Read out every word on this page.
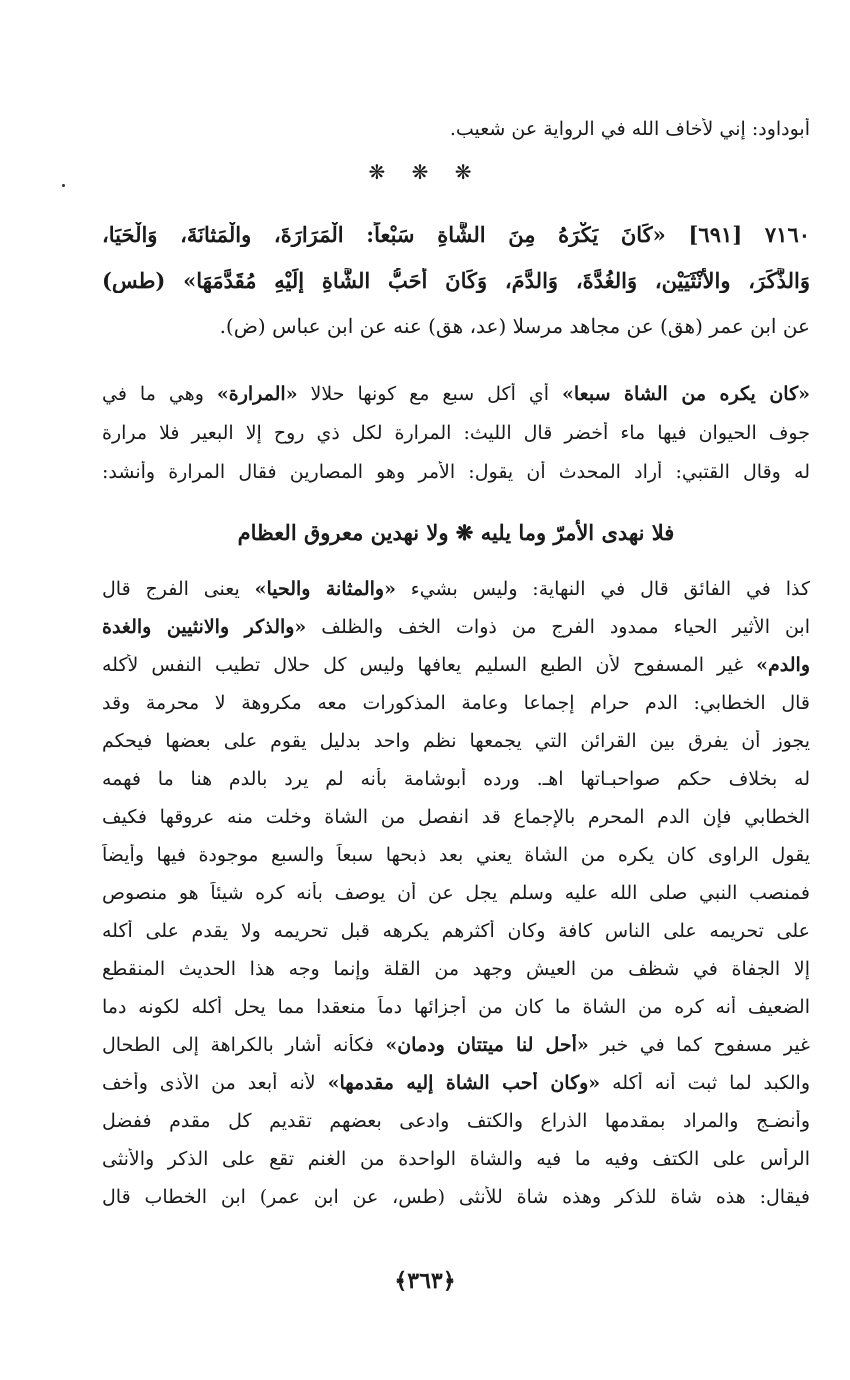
أبوداود: إني لأخاف الله في الرواية عن شعيب.
❋ ❋ ❋
٧١٦٠ [٦٩١] «كَانَ يَكْرَهُ مِنَ الشَّاةِ سَبْعاً: الْمَرَارَةَ، والْمَثانَةَ، وَالْحَيَا،
وَالذَّكَرَ، والأُنْثَيَيْنِ، وَالغُدَّةَ، وَالدَّمَ، وَكَانَ أَحَبُّ الشَّاةِ إِلَيْهِ مُقَدَّمَهَا» (طس)
عن ابن عمر (هق) عن مجاهد مرسلا (عد، هق) عنه عن ابن عباس (ض).
«كان يكره من الشاة سبعا» أي أكل سبع مع كونها حلالا «المرارة» وهي ما في
جوف الحيوان فيها ماء أخضر قال الليث: المرارة لكل ذي روح إلا البعير فلا مرارة
له وقال القتبي: أراد المحدث أن يقول: الأمر وهو المصارين فقال المرارة وأنشد:
فلا نهدى الأمرّ وما يليه ❋ ولا نهدين معروق العظام
كذا في الفائق قال في النهاية: وليس بشيء «والمثانة والحيا» يعنى الفرج قال
ابن الأثير الحياء ممدود الفرج من ذوات الخف والظلف «والذكر والانثيين والغدة
والدم» غير المسفوح لأن الطبع السليم يعافها وليس كل حلال تطيب النفس لأكله
قال الخطابي: الدم حرام إجماعا وعامة المذكورات معه مكروهة لا محرمة وقد
يجوز أن يفرق بين القرائن التي يجمعها نظم واحد بدليل يقوم على بعضها فيحكم
له بخلاف حكم صواحبـاتها اهـ. ورده أبوشامة بأنه لم يرد بالدم هنا ما فهمه
الخطابي فإن الدم المحرم بالإجماع قد انفصل من الشاة وخلت منه عروقها فكيف
يقول الراوى كان يكره من الشاة يعني بعد ذبحها سبعاً والسبع موجودة فيها وأيضاً
فمنصب النبي صلى الله عليه وسلم يجل عن أن يوصف بأنه كره شيئاً هو منصوص
على تحريمه على الناس كافة وكان أكثرهم يكرهه قبل تحريمه ولا يقدم على أكله
إلا الجفاة في شظف من العيش وجهد من القلة وإنما وجه هذا الحديث المنقطع
الضعيف أنه كره من الشاة ما كان من أجزائها دماً منعقدا مما يحل أكله لكونه دما
غير مسفوح كما في خبر «أحل لنا ميتتان ودمان» فكأنه أشار بالكراهة إلى الطحال
والكبد لما ثبت أنه أكله «وكان أحب الشاة إليه مقدمها» لأنه أبعد من الأذى وأخف
وأنضـج والمراد بمقدمها الذراع والكتف وادعى بعضهم تقديم كل مقدم ففضل
الرأس على الكتف وفيه ما فيه والشاة الواحدة من الغنم تقع على الذكر والأنثى
فيقال: هذه شاة للذكر وهذه شاة للأنثى (طس، عن ابن عمر) ابن الخطاب قال
﴿٣٦٣﴾
